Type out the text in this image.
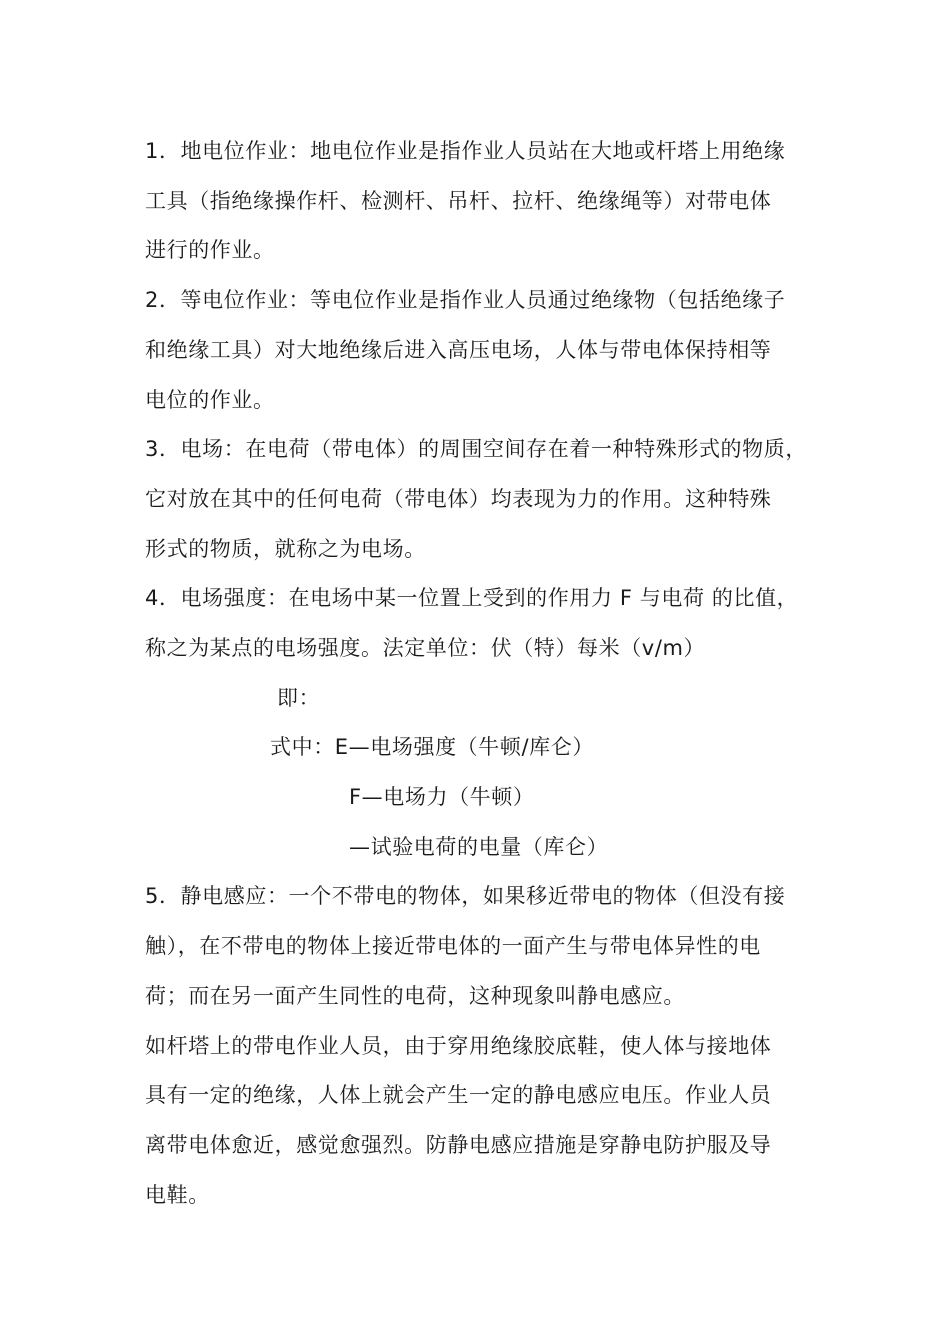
1．地电位作业：地电位作业是指作业人员站在大地或杆塔上用绝缘
工具（指绝缘操作杆、检测杆、吊杆、拉杆、绝缘绳等）对带电体
进行的作业。
2．等电位作业：等电位作业是指作业人员通过绝缘物（包括绝缘子
和绝缘工具）对大地绝缘后进入高压电场，人体与带电体保持相等
电位的作业。
3．电场：在电荷（带电体）的周围空间存在着一种特殊形式的物质，
它对放在其中的任何电荷（带电体）均表现为力的作用。这种特殊
形式的物质，就称之为电场。
4．电场强度：在电场中某一位置上受到的作用力 F 与电荷 的比值，
称之为某点的电场强度。法定单位：伏（特）每米（v/m）
即：
式中：E—电场强度（牛顿/库仑）
F—电场力（牛顿）
—试验电荷的电量（库仑）
5．静电感应：一个不带电的物体，如果移近带电的物体（但没有接
触），在不带电的物体上接近带电体的一面产生与带电体异性的电
荷；而在另一面产生同性的电荷，这种现象叫静电感应。
如杆塔上的带电作业人员，由于穿用绝缘胶底鞋，使人体与接地体
具有一定的绝缘，人体上就会产生一定的静电感应电压。作业人员
离带电体愈近，感觉愈强烈。防静电感应措施是穿静电防护服及导
电鞋。
